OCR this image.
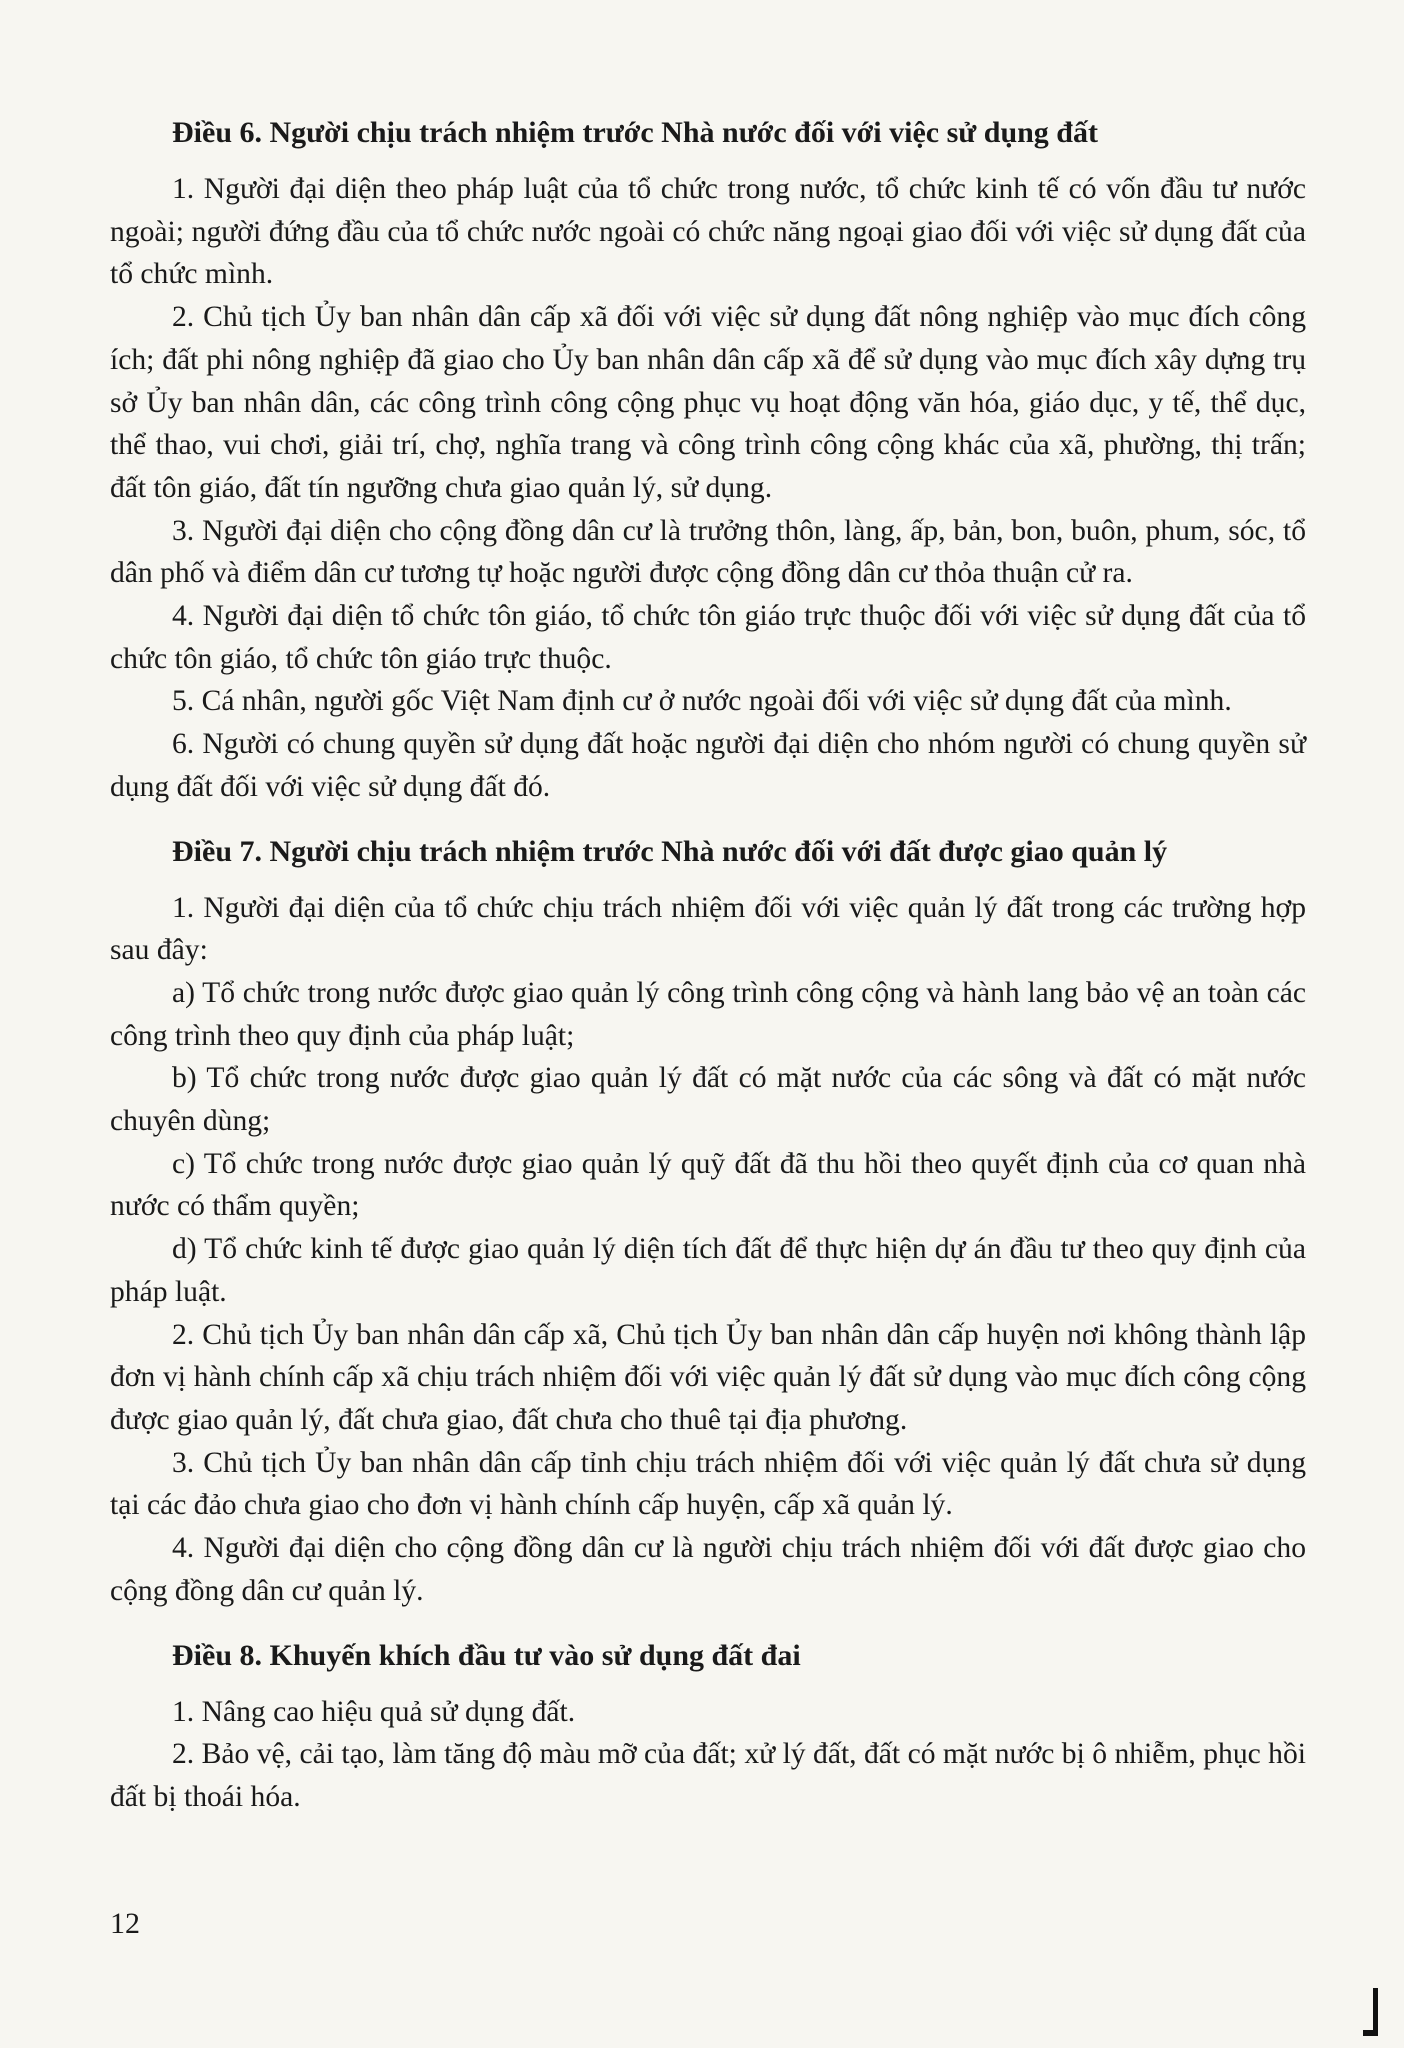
Điều 6. Người chịu trách nhiệm trước Nhà nước đối với việc sử dụng đất

1. Người đại diện theo pháp luật của tổ chức trong nước, tổ chức kinh tế có vốn đầu tư nước ngoài; người đứng đầu của tổ chức nước ngoài có chức năng ngoại giao đối với việc sử dụng đất của tổ chức mình.

2. Chủ tịch Ủy ban nhân dân cấp xã đối với việc sử dụng đất nông nghiệp vào mục đích công ích; đất phi nông nghiệp đã giao cho Ủy ban nhân dân cấp xã để sử dụng vào mục đích xây dựng trụ sở Ủy ban nhân dân, các công trình công cộng phục vụ hoạt động văn hóa, giáo dục, y tế, thể dục, thể thao, vui chơi, giải trí, chợ, nghĩa trang và công trình công cộng khác của xã, phường, thị trấn; đất tôn giáo, đất tín ngưỡng chưa giao quản lý, sử dụng.

3. Người đại diện cho cộng đồng dân cư là trưởng thôn, làng, ấp, bản, bon, buôn, phum, sóc, tổ dân phố và điểm dân cư tương tự hoặc người được cộng đồng dân cư thỏa thuận cử ra.

4. Người đại diện tổ chức tôn giáo, tổ chức tôn giáo trực thuộc đối với việc sử dụng đất của tổ chức tôn giáo, tổ chức tôn giáo trực thuộc.

5. Cá nhân, người gốc Việt Nam định cư ở nước ngoài đối với việc sử dụng đất của mình.

6. Người có chung quyền sử dụng đất hoặc người đại diện cho nhóm người có chung quyền sử dụng đất đối với việc sử dụng đất đó.

Điều 7. Người chịu trách nhiệm trước Nhà nước đối với đất được giao quản lý

1. Người đại diện của tổ chức chịu trách nhiệm đối với việc quản lý đất trong các trường hợp sau đây:

a) Tổ chức trong nước được giao quản lý công trình công cộng và hành lang bảo vệ an toàn các công trình theo quy định của pháp luật;

b) Tổ chức trong nước được giao quản lý đất có mặt nước của các sông và đất có mặt nước chuyên dùng;

c) Tổ chức trong nước được giao quản lý quỹ đất đã thu hồi theo quyết định của cơ quan nhà nước có thẩm quyền;

d) Tổ chức kinh tế được giao quản lý diện tích đất để thực hiện dự án đầu tư theo quy định của pháp luật.

2. Chủ tịch Ủy ban nhân dân cấp xã, Chủ tịch Ủy ban nhân dân cấp huyện nơi không thành lập đơn vị hành chính cấp xã chịu trách nhiệm đối với việc quản lý đất sử dụng vào mục đích công cộng được giao quản lý, đất chưa giao, đất chưa cho thuê tại địa phương.

3. Chủ tịch Ủy ban nhân dân cấp tỉnh chịu trách nhiệm đối với việc quản lý đất chưa sử dụng tại các đảo chưa giao cho đơn vị hành chính cấp huyện, cấp xã quản lý.

4. Người đại diện cho cộng đồng dân cư là người chịu trách nhiệm đối với đất được giao cho cộng đồng dân cư quản lý.

Điều 8. Khuyến khích đầu tư vào sử dụng đất đai

1. Nâng cao hiệu quả sử dụng đất.

2. Bảo vệ, cải tạo, làm tăng độ màu mỡ của đất; xử lý đất, đất có mặt nước bị ô nhiễm, phục hồi đất bị thoái hóa.

12
